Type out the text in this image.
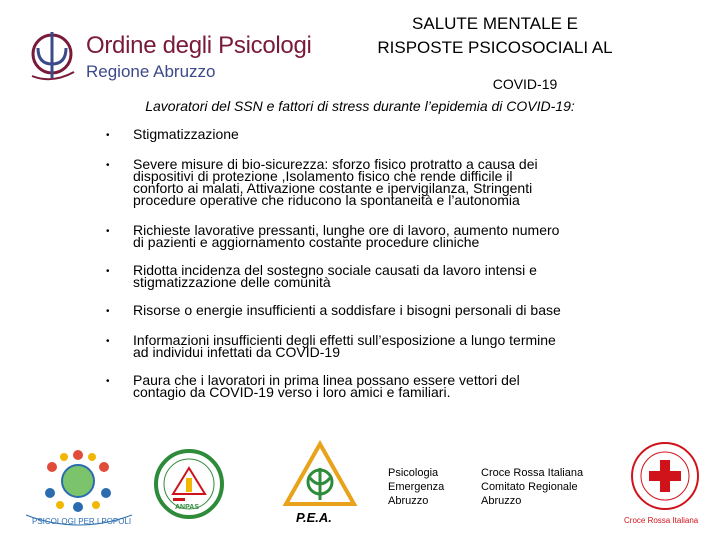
Ordine degli Psicologi
Regione Abruzzo
SALUTE MENTALE E
RISPOSTE PSICOSOCIALI AL
COVID-19
Lavoratori del SSN e fattori di stress durante l’epidemia di COVID-19:
• Stigmatizzazione
• Severe misure di bio-sicurezza: sforzo fisico protratto a causa dei
dispositivi di protezione ,Isolamento fisico che rende difficile il
conforto ai malati, Attivazione costante e ipervigilanza, Stringenti
procedure operative che riducono la spontaneità e l’autonomia
• Richieste lavorative pressanti, lunghe ore di lavoro, aumento numero
di pazienti e aggiornamento costante procedure cliniche
• Ridotta incidenza del sostegno sociale causati da lavoro intensi e
stigmatizzazione delle comunità
• Risorse o energie insufficienti a soddisfare i bisogni personali di base
• Informazioni insufficienti degli effetti sull’esposizione a lungo termine
ad individui infettati da COVID-19
• Paura che i lavoratori in prima linea possano essere vettori del
contagio da COVID-19 verso i loro amici e familiari.
PSICOLOGI PER I POPOLI
ANPAS
P.E.A.
Psicologia
Emergenza
Abruzzo
Croce Rossa Italiana
Comitato Regionale
Abruzzo
Croce Rossa Italiana
